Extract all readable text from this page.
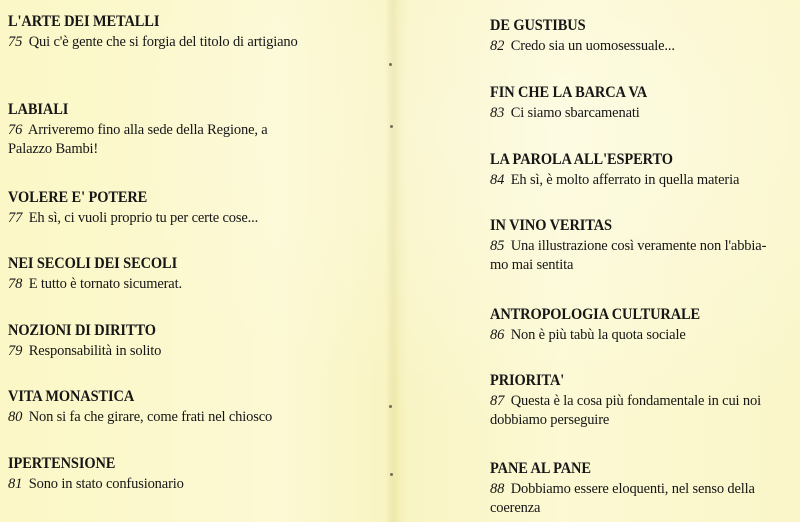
L'ARTE DEI METALLI
75 Qui c'è gente che si forgia del titolo di artigiano
LABIALI
76 Arriveremo fino alla sede della Regione, a Palazzo Bambi!
VOLERE E' POTERE
77 Eh sì, ci vuoli proprio tu per certe cose...
NEI SECOLI DEI SECOLI
78 E tutto è tornato sicumerat.
NOZIONI DI DIRITTO
79 Responsabilità in solito
VITA MONASTICA
80 Non si fa che girare, come frati nel chiosco
IPERTENSIONE
81 Sono in stato confusionario
DE GUSTIBUS
82 Credo sia un uomosessuale...
FIN CHE LA BARCA VA
83 Ci siamo sbarcamenati
LA PAROLA ALL'ESPERTO
84 Eh sì, è molto afferrato in quella materia
IN VINO VERITAS
85 Una illustrazione così veramente non l'abbia-mo mai sentita
ANTROPOLOGIA CULTURALE
86 Non è più tabù la quota sociale
PRIORITA'
87 Questa è la cosa più fondamentale in cui noi dobbiamo perseguire
PANE AL PANE
88 Dobbiamo essere eloquenti, nel senso della coerenza
